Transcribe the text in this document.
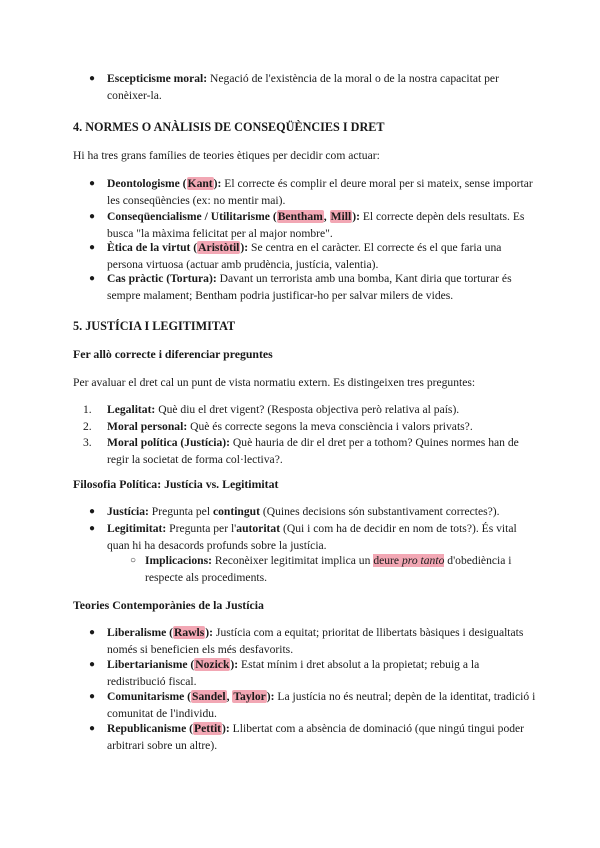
● Escepticisme moral: Negació de l'existència de la moral o de la nostra capacitat per conèixer-la.

4. NORMES O ANÀLISIS DE CONSEQÜÈNCIES I DRET

Hi ha tres grans famílies de teories ètiques per decidir com actuar:

● Deontologisme (Kant): El correcte és complir el deure moral per si mateix, sense importar les conseqüències (ex: no mentir mai).

● Conseqüencialisme / Utilitarisme (Bentham, Mill): El correcte depèn dels resultats. Es busca "la màxima felicitat per al major nombre".

● Ètica de la virtut (Aristòtil): Se centra en el caràcter. El correcte és el que faria una persona virtuosa (actuar amb prudència, justícia, valentia).

● Cas pràctic (Tortura): Davant un terrorista amb una bomba, Kant diria que torturar és sempre malament; Bentham podria justificar-ho per salvar milers de vides.

5. JUSTÍCIA I LEGITIMITAT
Fer allò correcte i diferenciar preguntes

Per avaluar el dret cal un punt de vista normatiu extern. Es distingeixen tres preguntes:

1. Legalitat: Què diu el dret vigent? (Resposta objectiva però relativa al país).

2. Moral personal: Què és correcte segons la meva consciència i valors privats?.

3. Moral política (Justícia): Què hauria de dir el dret per a tothom? Quines normes han de regir la societat de forma col·lectiva?.

Filosofia Política: Justícia vs. Legitimitat

● Justícia: Pregunta pel contingut (Quines decisions són substantivament correctes?).

● Legitimitat: Pregunta per l'autoritat (Qui i com ha de decidir en nom de tots?). És vital quan hi ha desacords profunds sobre la justícia.

○ Implicacions: Reconèixer legitimitat implica un deure pro tanto d'obediència i respecte als procediments.

Teories Contemporànies de la Justícia

● Liberalisme (Rawls): Justícia com a equitat; prioritat de llibertats bàsiques i desigualtats només si beneficien els més desfavorits.

● Libertarianisme (Nozick): Estat mínim i dret absolut a la propietat; rebuig a la redistribució fiscal.

● Comunitarisme (Sandel, Taylor): La justícia no és neutral; depèn de la identitat, tradició i comunitat de l'individu.

● Republicanisme (Pettit): Llibertat com a absència de dominació (que ningú tingui poder arbitrari sobre un altre).
